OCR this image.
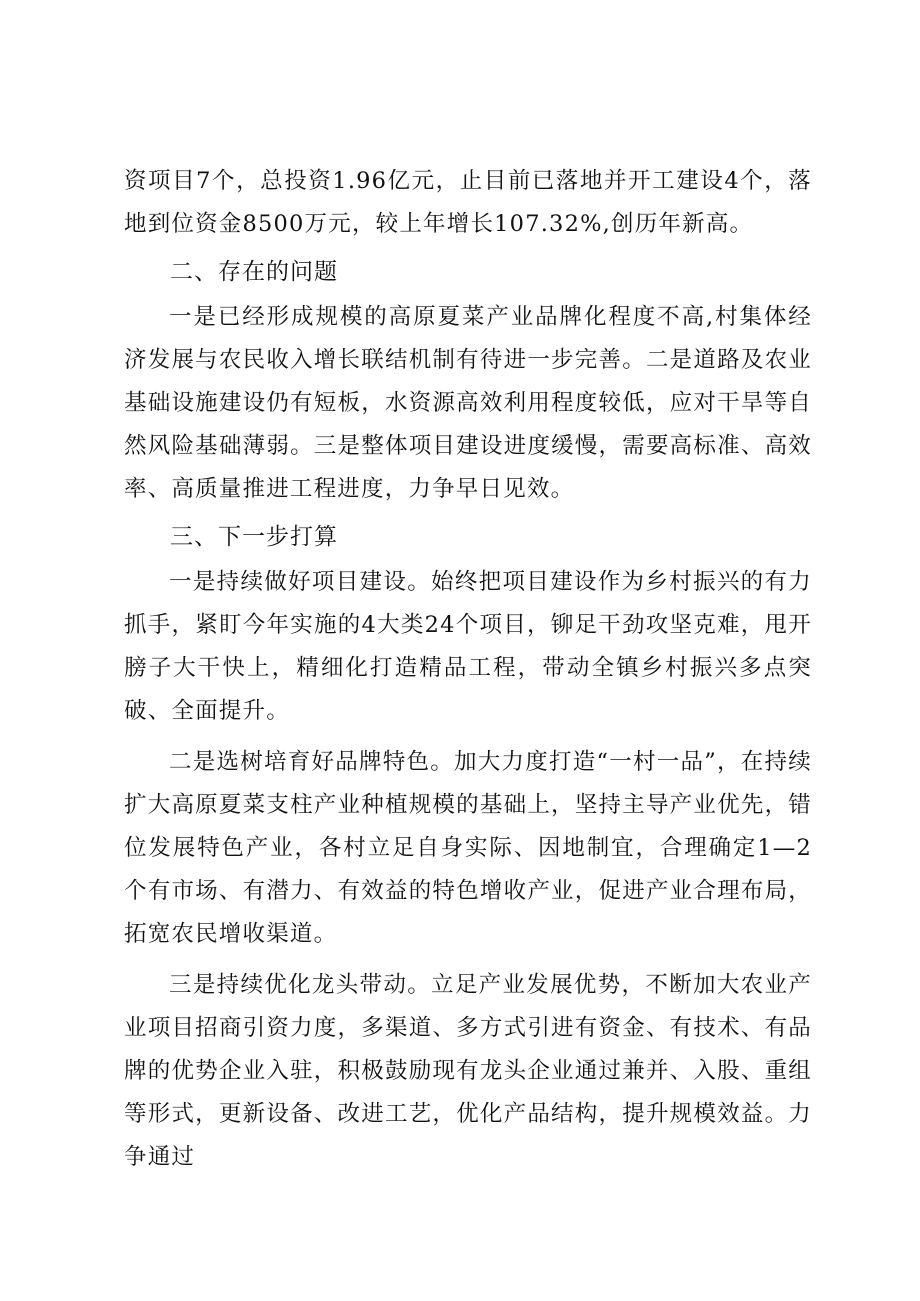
资项目7个，总投资1.96亿元，止目前已落地并开工建设4个，落地到位资金8500万元，较上年增长107.32%,创历年新高。

二、存在的问题

一是已经形成规模的高原夏菜产业品牌化程度不高,村集体经济发展与农民收入增长联结机制有待进一步完善。二是道路及农业基础设施建设仍有短板，水资源高效利用程度较低，应对干旱等自然风险基础薄弱。三是整体项目建设进度缓慢，需要高标准、高效率、高质量推进工程进度，力争早日见效。

三、下一步打算

一是持续做好项目建设。始终把项目建设作为乡村振兴的有力抓手，紧盯今年实施的4大类24个项目，铆足干劲攻坚克难，甩开膀子大干快上，精细化打造精品工程，带动全镇乡村振兴多点突破、全面提升。

二是选树培育好品牌特色。加大力度打造“一村一品”，在持续扩大高原夏菜支柱产业种植规模的基础上，坚持主导产业优先，错位发展特色产业，各村立足自身实际、因地制宜，合理确定1—2个有市场、有潜力、有效益的特色增收产业，促进产业合理布局，拓宽农民增收渠道。

三是持续优化龙头带动。立足产业发展优势，不断加大农业产业项目招商引资力度，多渠道、多方式引进有资金、有技术、有品牌的优势企业入驻，积极鼓励现有龙头企业通过兼并、入股、重组等形式，更新设备、改进工艺，优化产品结构，提升规模效益。力争通过
